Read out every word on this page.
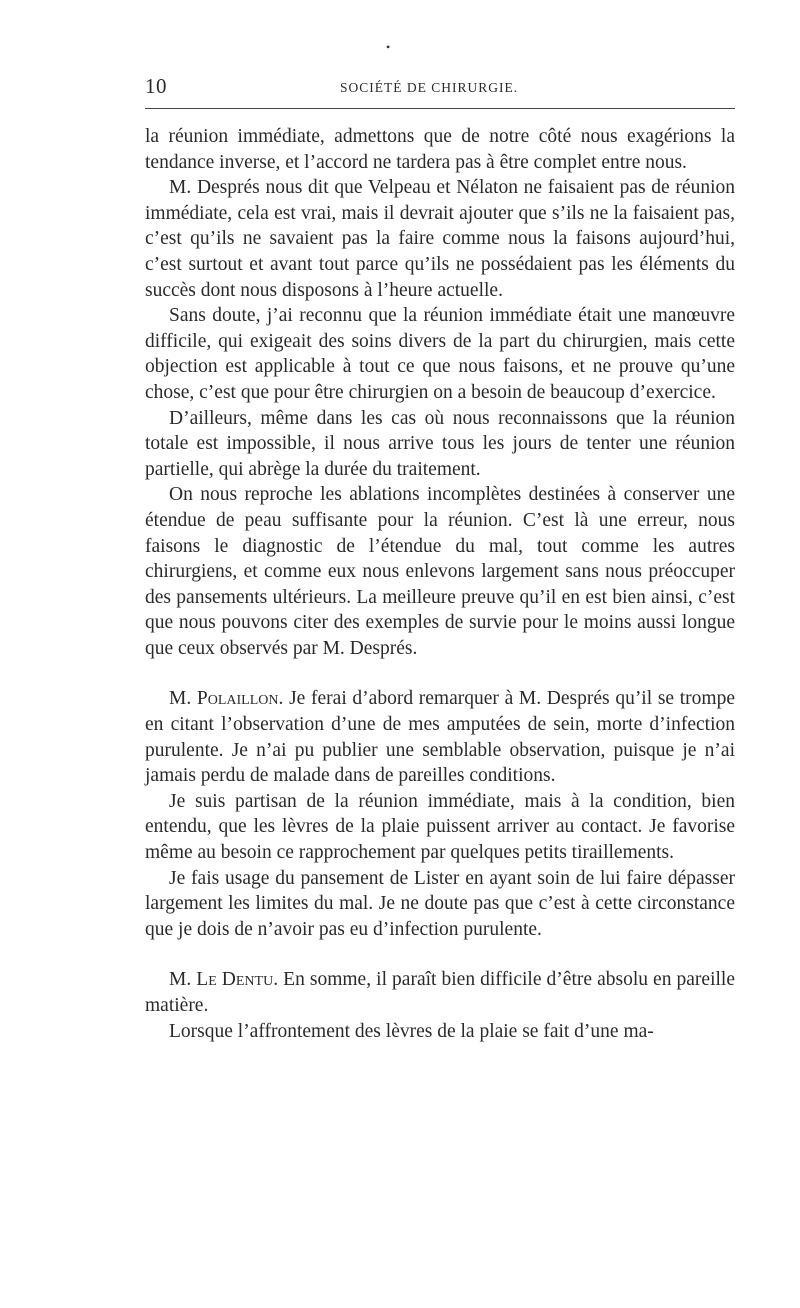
•
10	SOCIÉTÉ DE CHIRURGIE.

la réunion immédiate, admettons que de notre côté nous exagérions la tendance inverse, et l’accord ne tardera pas à être complet entre nous.

M. Després nous dit que Velpeau et Nélaton ne faisaient pas de réunion immédiate, cela est vrai, mais il devrait ajouter que s’ils ne la faisaient pas, c’est qu’ils ne savaient pas la faire comme nous la faisons aujourd’hui, c’est surtout et avant tout parce qu’ils ne possédaient pas les éléments du succès dont nous disposons à l’heure actuelle.

Sans doute, j’ai reconnu que la réunion immédiate était une manœuvre difficile, qui exigeait des soins divers de la part du chirurgien, mais cette objection est applicable à tout ce que nous faisons, et ne prouve qu’une chose, c’est que pour être chirurgien on a besoin de beaucoup d’exercice.

D’ailleurs, même dans les cas où nous reconnaissons que la réunion totale est impossible, il nous arrive tous les jours de tenter une réunion partielle, qui abrège la durée du traitement.

On nous reproche les ablations incomplètes destinées à conserver une étendue de peau suffisante pour la réunion. C’est là une erreur, nous faisons le diagnostic de l’étendue du mal, tout comme les autres chirurgiens, et comme eux nous enlevons largement sans nous préoccuper des pansements ultérieurs. La meilleure preuve qu’il en est bien ainsi, c’est que nous pouvons citer des exemples de survie pour le moins aussi longue que ceux observés par M. Després.

M. Polaillon. Je ferai d’abord remarquer à M. Després qu’il se trompe en citant l’observation d’une de mes amputées de sein, morte d’infection purulente. Je n’ai pu publier une semblable observation, puisque je n’ai jamais perdu de malade dans de pareilles conditions.

Je suis partisan de la réunion immédiate, mais à la condition, bien entendu, que les lèvres de la plaie puissent arriver au contact. Je favorise même au besoin ce rapprochement par quelques petits tiraillements.

Je fais usage du pansement de Lister en ayant soin de lui faire dépasser largement les limites du mal. Je ne doute pas que c’est à cette circonstance que je dois de n’avoir pas eu d’infection purulente.

M. Le Dentu. En somme, il paraît bien difficile d’être absolu en pareille matière.

Lorsque l’affrontement des lèvres de la plaie se fait d’une ma-
